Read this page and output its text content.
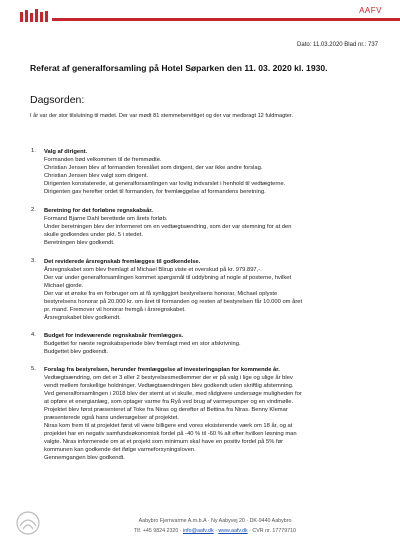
AAFV
Dato: 11.03.2020 Blad nr.: 737
Referat af generalforsamling på Hotel Søparken den 11. 03. 2020 kl. 1930.
Dagsorden:
I år var der stor tilslutning til mødet. Der var mødt 81 stemmeberettiget og der var medbragt 12 fuldmagter.
1. Valg af dirigent.
Formanden bød velkommen til de fremmødte.
Christian Jensen blev af formanden foreslået som dirigent, der var ikke andre forslag.
Christian Jensen blev valgt som dirigent.
Dirigenten konstaterede, at generalforsamlingen var lovlig indvarslet i henhold til vedtægterne.
Dirigenten gav herefter ordet til formanden, for fremlæggelse af formandens beretning.
2. Beretning for det forløbne regnskabsår.
Formand Bjarne Dahl berettede om årets forløb.
Under beretningen blev der informeret om en vedtægtsændring, som der var stemning for at den
skulle godkendes under pkt. 5 i stedet.
Beretningen blev godkendt.
3. Det reviderede årsregnskab fremlægges til godkendelse.
Årsregnskabet som blev fremlagt af Michael Blirup viste et overskud på kr. 979.897,-.
Der var under generalforsamlingen kommet spørgsmål til uddybning af nogle af posterne, hvilket
Michael gjorde.
Der var et ønske fra en forbruger om at få synliggjort bestyrelsens honorar, Michael oplyste
bestyrelsens honorar på 20.000 kr. om året til formanden og resten af bestyrelsen får 10.000 om året
pr. mand. Fremover vil honorar fremgå i årsregnskabet.
Årsregnskabet blev godkendt.
4. Budget for indeværende regnskabsår fremlægges.
Budgettet for næste regnskabsperiode blev fremlagt med en stor afskrivning.
Budgettet blev godkendt.
5. Forslag fra bestyrelsen, herunder fremlæggelse af investeringsplan for kommende år.
Vedtægtsændring, om det er 3 eller 2 bestyrelsesmedlemmer der er på valg i lige og ulige år blev
vendt mellem forskellige holdninger. Vedtægtsændringen blev godkendt uden skriftlig afstemning.
Ved generalforsamlingen i 2018 blev der stemt at vi skulle, med rådgivere undersøge muligheden for
at opføre et energianlæg, som optager varme fra Ryå ved brug af varmepumper og en vindmølle.
Projektet blev først præsenteret af Toke fra Niras og derefter af Bettina fra Niras. Benny Klemar
præsenterede også hans undersøgelser af projektet.
Niras kom frem til at projektet først vil være billigere end vores eksisterende værk om 18 år, og at
projektet har en negativ samfundsøkonomisk fordel på -40 % til -60 % alt efter hvilken løsning man
valgte. Niras informerede om at et projekt som minimum skal have en positiv fordel på 5% før
kommunen kan godkende det ifølge varmeforsyningsloven.
Gennemgangen blev godkendt.
Aabybro Fjernvarme A.m.b.A · Ny Aabyvej 20 · DK-9440 Aabybro
Tlf. +45 9824 2320 · info@aafv.dk · www.aafv.dk · CVR nr. 17779710
